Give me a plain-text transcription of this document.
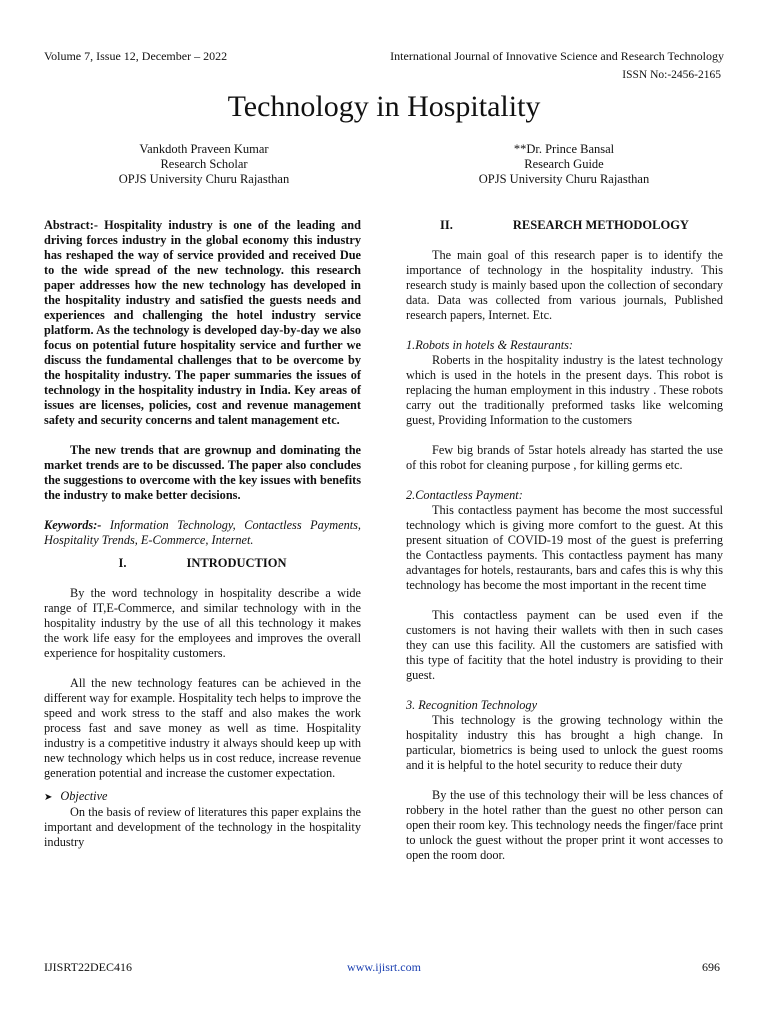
Volume 7, Issue 12, December – 2022	International Journal of Innovative Science and Research Technology
ISSN No:-2456-2165
Technology in Hospitality
Vankdoth Praveen Kumar
Research Scholar
OPJS University Churu Rajasthan
**Dr. Prince Bansal
Research Guide
OPJS University Churu Rajasthan

Abstract:- Hospitality industry is one of the leading and driving forces industry in the global economy this industry has reshaped the way of service provided and received Due to the wide spread of the new technology. this research paper addresses how the new technology has developed in the hospitality industry and satisfied the guests needs and experiences and challenging the hotel industry service platform. As the technology is developed day-by-day we also focus on potential future hospitality service and further we discuss the fundamental challenges that to be overcome by the hospitality industry. The paper summaries the issues of technology in the hospitality industry in India. Key areas of issues are licenses, policies, cost and revenue management safety and security concerns and talent management etc.

The new trends that are grownup and dominating the market trends are to be discussed. The paper also concludes the suggestions to overcome with the key issues with benefits the industry to make better decisions.

Keywords:- Information Technology, Contactless Payments, Hospitality Trends, E-Commerce, Internet.

I.	INTRODUCTION

By the word technology in hospitality describe a wide range of IT,E-Commerce, and similar technology with in the hospitality industry by the use of all this technology it makes the work life easy for the employees and improves the overall experience for hospitality customers.

All the new technology features can be achieved in the different way for example. Hospitality tech helps to improve the speed and work stress to the staff and also makes the work process fast and save money as well as time. Hospitality industry is a competitive industry it always should keep up with new technology which helps us in cost reduce, increase revenue generation potential and increase the customer expectation.

➤ Objective

On the basis of review of literatures this paper explains the important and development of the technology in the hospitality industry

II.	RESEARCH METHODOLOGY

The main goal of this research paper is to identify the importance of technology in the hospitality industry. This research study is mainly based upon the collection of secondary data. Data was collected from various journals, Published research papers, Internet. Etc.

1.Robots in hotels & Restaurants:

Roberts in the hospitality industry is the latest technology which is used in the hotels in the present days. This robot is replacing the human employment in this industry . These robots carry out the traditionally preformed tasks like welcoming guest, Providing Information to the customers

Few big brands of 5star hotels already has started the use of this robot for cleaning purpose , for killing germs etc.

2.Contactless Payment:

This contactless payment has become the most successful technology which is giving more comfort to the guest. At this present situation of COVID-19 most of the guest is preferring the Contactless payments. This contactless payment has many advantages for hotels, restaurants, bars and cafes this is why this technology has become the most important in the recent time

This contactless payment can be used even if the customers is not having their wallets with then in such cases they can use this facility. All the customers are satisfied with this type of facitity that the hotel industry is providing to their guest.

3. Recognition Technology

This technology is the growing technology within the hospitality industry this has brought a high change. In particular, biometrics is being used to unlock the guest rooms and it is helpful to the hotel security to reduce their duty

By the use of this technology their will be less chances of robbery in the hotel rather than the guest no other person can open their room key. This technology needs the finger/face print to unlock the guest without the proper print it wont accesses to open the room door.

IJISRT22DEC416	www.ijisrt.com	696
